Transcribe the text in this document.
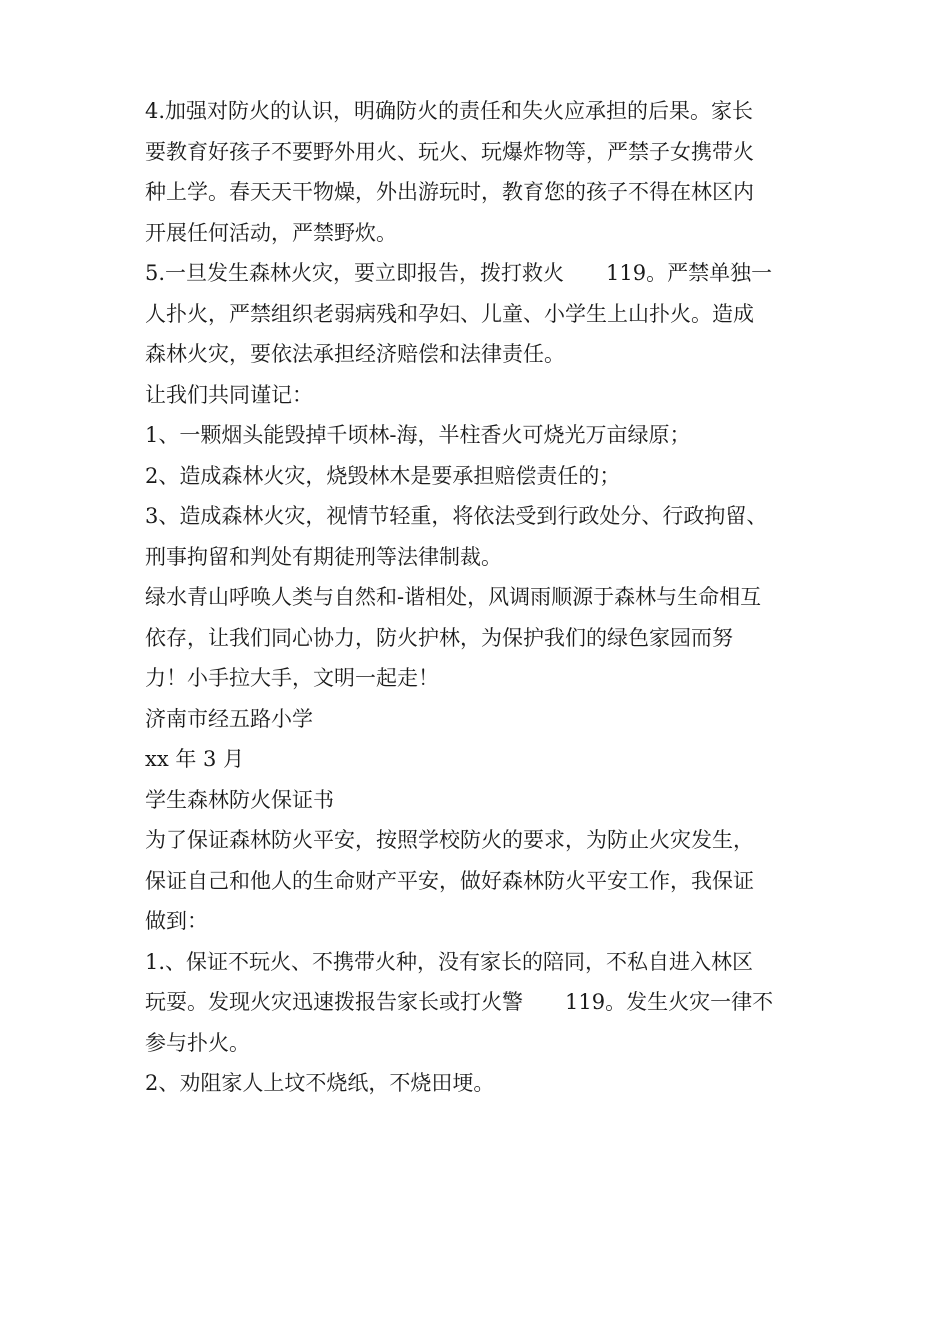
4.加强对防火的认识，明确防火的责任和失火应承担的后果。家长
要教育好孩子不要野外用火、玩火、玩爆炸物等，严禁子女携带火
种上学。春天天干物燥，外出游玩时，教育您的孩子不得在林区内
开展任何活动，严禁野炊。
5.一旦发生森林火灾，要立即报告，拨打救火 119。严禁单独一
人扑火，严禁组织老弱病残和孕妇、儿童、小学生上山扑火。造成
森林火灾，要依法承担经济赔偿和法律责任。
让我们共同谨记：
1、一颗烟头能毁掉千顷林-海，半柱香火可烧光万亩绿原；
2、造成森林火灾，烧毁林木是要承担赔偿责任的；
3、造成森林火灾，视情节轻重，将依法受到行政处分、行政拘留、
刑事拘留和判处有期徒刑等法律制裁。
绿水青山呼唤人类与自然和-谐相处，风调雨顺源于森林与生命相互
依存，让我们同心协力，防火护林，为保护我们的绿色家园而努
力！小手拉大手，文明一起走！
济南市经五路小学
xx 年 3 月
学生森林防火保证书
为了保证森林防火平安，按照学校防火的要求，为防止火灾发生，
保证自己和他人的生命财产平安，做好森林防火平安工作，我保证
做到：
1.、保证不玩火、不携带火种，没有家长的陪同，不私自进入林区
玩耍。发现火灾迅速拨报告家长或打火警 119。发生火灾一律不
参与扑火。
2、劝阻家人上坟不烧纸，不烧田埂。
